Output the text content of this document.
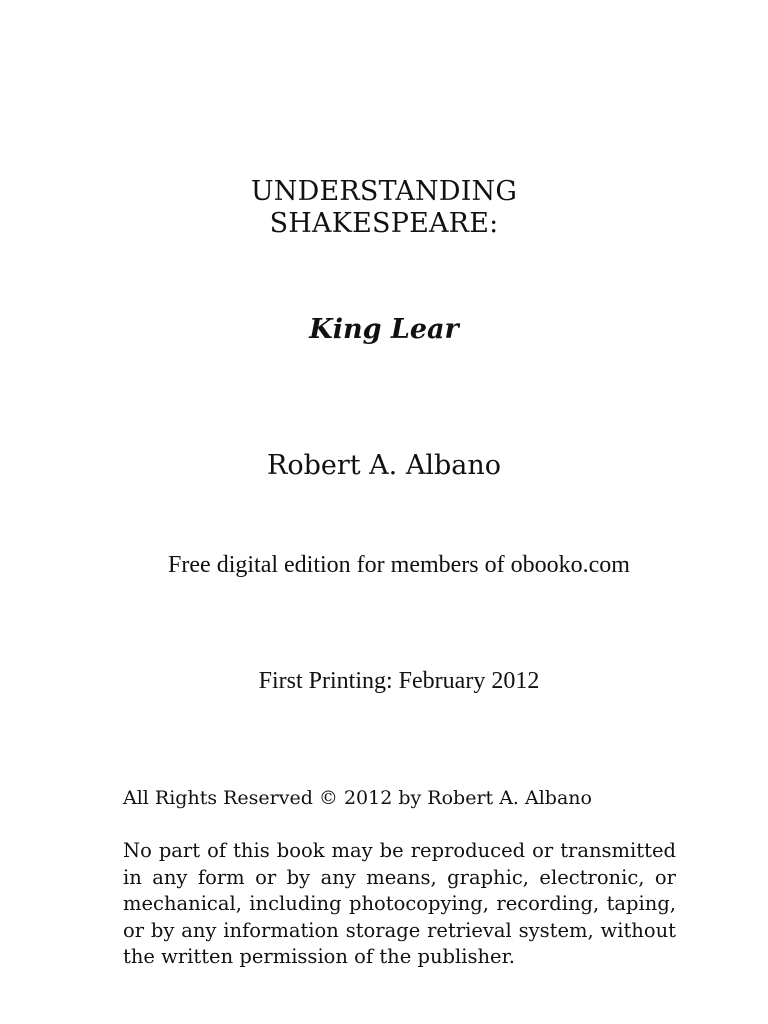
UNDERSTANDING
SHAKESPEARE:
King Lear
Robert A. Albano
Free digital edition for members of obooko.com
First Printing: February 2012
All Rights Reserved © 2012 by Robert A. Albano
No part of this book may be reproduced or transmitted in any form or by any means, graphic, electronic, or mechanical, including photocopying, recording, taping, or by any information storage retrieval system, without the written permission of the publisher.
